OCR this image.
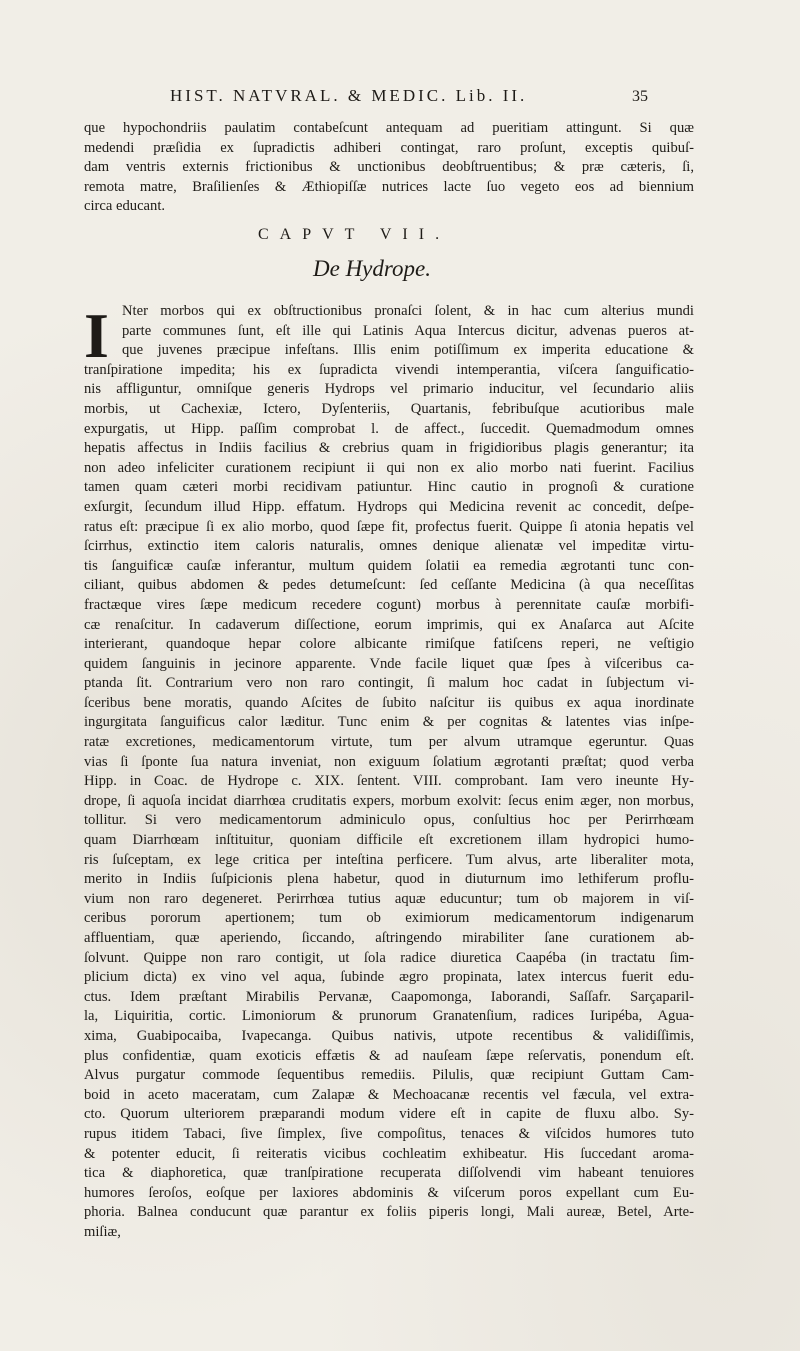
HIST. NATVRAL. & MEDIC. Lib. II.	35
que hypochondriis paulatim contabeſcunt antequam ad pueritiam attingunt. Si quæ
medendi præſidia ex ſupradictis adhiberi contingat, raro proſunt, exceptis quibuſ-
dam ventris externis frictionibus & unctionibus deobſtruentibus; & præ cæteris, ſi,
remota matre, Braſilienſes & Æthiopiſſæ nutrices lacte ſuo vegeto eos ad biennium
circa educant.
CAPVT VII.
De Hydrope.
I Nter morbos qui ex obſtructionibus pronaſci ſolent, & in hac cum alterius mundi
parte communes ſunt, eſt ille qui Latinis Aqua Intercus dicitur, advenas pueros at-
que juvenes præcipue infeſtans. Illis enim potiſſimum ex imperita educatione &
tranſpiratione impedita; his ex ſupradicta vivendi intemperantia, viſcera ſanguificatio-
nis affliguntur, omniſque generis Hydrops vel primario inducitur, vel ſecundario aliis
morbis, ut Cachexiæ, Ictero, Dyſenteriis, Quartanis, febribuſque acutioribus male
expurgatis, ut Hipp. paſſim comprobat l. de affect., ſuccedit. Quemadmodum omnes
hepatis affectus in Indiis facilius & crebrius quam in frigidioribus plagis generantur; ita
non adeo infeliciter curationem recipiunt ii qui non ex alio morbo nati fuerint. Facilius
tamen quam cæteri morbi recidivam patiuntur. Hinc cautio in prognoſi & curatione
exſurgit, ſecundum illud Hipp. effatum. Hydrops qui Medicina revenit ac concedit, deſpe-
ratus eſt: præcipue ſi ex alio morbo, quod ſæpe fit, profectus fuerit. Quippe ſi atonia hepatis vel
ſcirrhus, extinctio item caloris naturalis, omnes denique alienatæ vel impeditæ virtu-
tis ſanguificæ cauſæ inferantur, multum quidem ſolatii ea remedia ægrotanti tunc con-
ciliant, quibus abdomen & pedes detumeſcunt: ſed ceſſante Medicina (à qua neceſſitas
fractæque vires ſæpe medicum recedere cogunt) morbus à perennitate cauſæ morbifi-
cæ renaſcitur. In cadaverum diſſectione, eorum imprimis, qui ex Anaſarca aut Aſcite
interierant, quandoque hepar colore albicante rimiſque fatiſcens reperi, ne veſtigio
quidem ſanguinis in jecinore apparente. Vnde facile liquet quæ ſpes à viſceribus ca-
ptanda ſit. Contrarium vero non raro contingit, ſi malum hoc cadat in ſubjectum vi-
ſceribus bene moratis, quando Aſcites de ſubito naſcitur iis quibus ex aqua inordinate
ingurgitata ſanguificus calor læditur. Tunc enim & per cognitas & latentes vias inſpe-
ratæ excretiones, medicamentorum virtute, tum per alvum utramque egeruntur. Quas
vias ſi ſponte ſua natura inveniat, non exiguum ſolatium ægrotanti præſtat; quod verba
Hipp. in Coac. de Hydrope c. XIX. ſentent. VIII. comprobant. Iam vero ineunte Hy-
drope, ſi aquoſa incidat diarrhœa cruditatis expers, morbum exolvit: ſecus enim æger, non morbus,
tollitur. Si vero medicamentorum adminiculo opus, conſultius hoc per Perirrhœam
quam Diarrhœam inſtituitur, quoniam difficile eſt excretionem illam hydropici humo-
ris ſuſceptam, ex lege critica per inteſtina perficere. Tum alvus, arte liberaliter mota,
merito in Indiis ſuſpicionis plena habetur, quod in diuturnum imo lethiferum proflu-
vium non raro degeneret. Perirrhœa tutius aquæ educuntur; tum ob majorem in viſ-
ceribus pororum apertionem; tum ob eximiorum medicamentorum indigenarum
affluentiam, quæ aperiendo, ſiccando, aſtringendo mirabiliter ſane curationem ab-
ſolvunt. Quippe non raro contigit, ut ſola radice diuretica Caapéba (in tractatu ſim-
plicium dicta) ex vino vel aqua, ſubinde ægro propinata, latex intercus fuerit edu-
ctus. Idem præſtant Mirabilis Pervanæ, Caapomonga, Iaborandi, Saſſafr. Sarçaparil-
la, Liquiritia, cortic. Limoniorum & prunorum Granatenſium, radices Iuripéba, Agua-
xima, Guabipocaiba, Ivapecanga. Quibus nativis, utpote recentibus & validiſſimis,
plus confidentiæ, quam exoticis effætis & ad nauſeam ſæpe reſervatis, ponendum eſt.
Alvus purgatur commode ſequentibus remediis. Pilulis, quæ recipiunt Guttam Cam-
boid in aceto maceratam, cum Zalapæ & Mechoacanæ recentis vel fæcula, vel extra-
cto. Quorum ulteriorem præparandi modum videre eſt in capite de fluxu albo. Sy-
rupus itidem Tabaci, ſive ſimplex, ſive compoſitus, tenaces & viſcidos humores tuto
& potenter educit, ſi reiteratis vicibus cochleatim exhibeatur. His ſuccedant aroma-
tica & diaphoretica, quæ tranſpiratione recuperata diſſolvendi vim habeant tenuiores
humores ſeroſos, eoſque per laxiores abdominis & viſcerum poros expellant cum Eu-
phoria. Balnea conducunt quæ parantur ex foliis piperis longi, Mali aureæ, Betel, Arte-
miſiæ,
